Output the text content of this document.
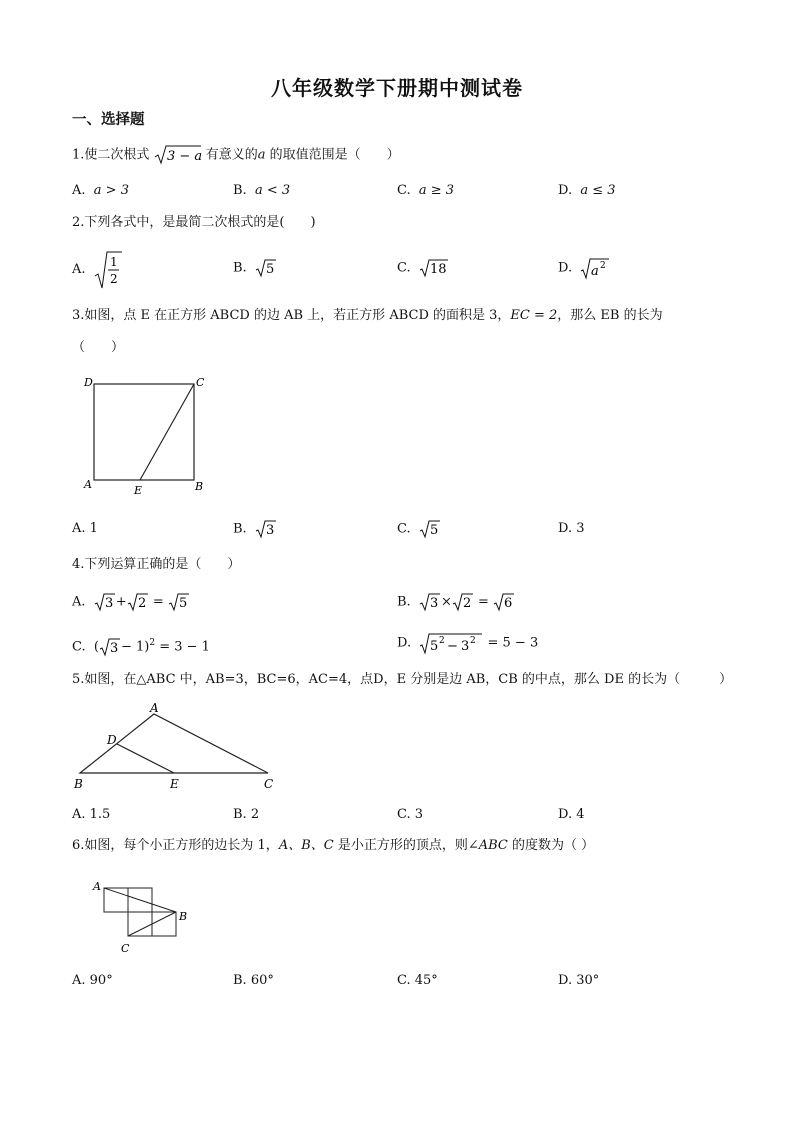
八年级数学下册期中测试卷
一、选择题
1.使二次根式 3 − a 有意义的a 的取值范围是（　　）
A. a > 3	B. a < 3	C. a ≥ 3	D. a ≤ 3
2.下列各式中，是最简二次根式的是(　　)
A. 1
2
B. 5	C. 18	D. a 2
3.如图，点 E 在正方形 ABCD 的边 AB 上，若正方形 ABCD 的面积是 3，EC = 2，那么 EB 的长为
（　　）
D	C
A	E	B
A. 1	B. 3	C. 5	D. 3
4.下列运算正确的是（　　）
A. 3 + 2 = 5	B. 3 × 2 = 6
C. ( 3 − 1)$^2$ = 3 − 1	D. 5 2 − 3 2 = 5 − 3
5.如图，在△ABC 中，AB=3，BC=6，AC=4，点D，E 分别是边 AB，CB 的中点，那么 DE 的长为（　　　）
A
D
B	E	C
A. 1.5	B. 2	C. 3	D. 4
6.如图，每个小正方形的边长为 1，A、B、C 是小正方形的顶点，则∠ABC 的度数为（ ）
A
B
C
A. 90°	B. 60°	C. 45°	D. 30°
